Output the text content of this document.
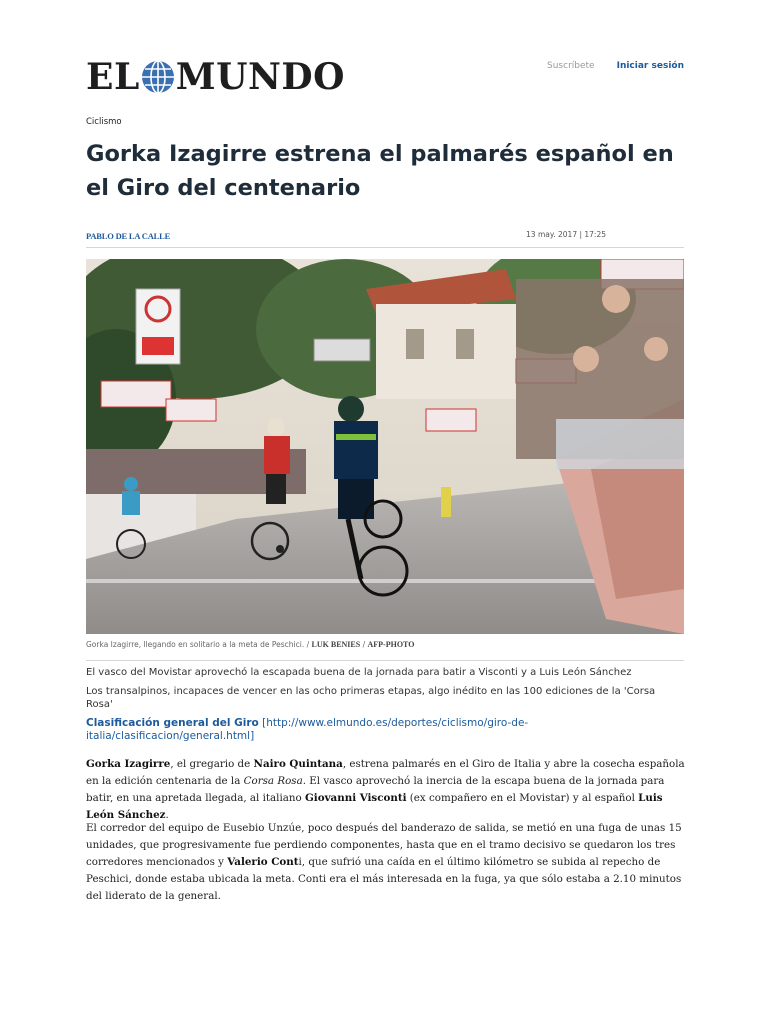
EL MUNDO	Suscríbete Iniciar sesión
Ciclismo
Gorka Izagirre estrena el palmarés español en el Giro del centenario
PABLO DE LA CALLE	13 may. 2017 | 17:25
Gorka Izagirre, llegando en solitario a la meta de Peschici. / LUK BENIES / AFP-PHOTO
El vasco del Movistar aprovechó la escapada buena de la jornada para batir a Visconti y a Luis León Sánchez
Los transalpinos, incapaces de vencer en las ocho primeras etapas, algo inédito en las 100 ediciones de la 'Corsa Rosa'
Clasificación general del Giro [http://www.elmundo.es/deportes/ciclismo/giro-de-italia/clasificacion/general.html]

Gorka Izagirre, el gregario de Nairo Quintana, estrena palmarés en el Giro de Italia y abre la cosecha española en la edición centenaria de la Corsa Rosa. El vasco aprovechó la inercia de la escapa buena de la jornada para batir, en una apretada llegada, al italiano Giovanni Visconti (ex compañero en el Movistar) y al español Luis León Sánchez.

El corredor del equipo de Eusebio Unzúe, poco después del banderazo de salida, se metió en una fuga de unas 15 unidades, que progresivamente fue perdiendo componentes, hasta que en el tramo decisivo se quedaron los tres corredores mencionados y Valerio Conti, que sufrió una caída en el último kilómetro se subida al repecho de Peschici, donde estaba ubicada la meta. Conti era el más interesada en la fuga, ya que sólo estaba a 2.10 minutos del liderato de la general.
